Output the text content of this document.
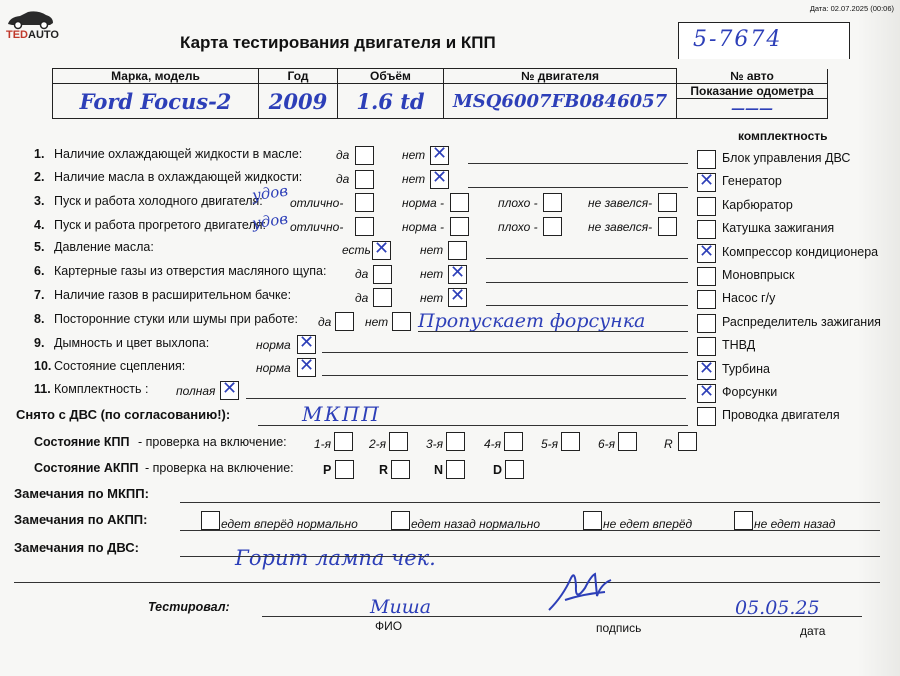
TEDAUTO
Дата: 02.07.2025 (00:06)
Карта тестирования двигателя и КПП	5-7674
Марка, модель	Год	Объём	№ двигателя	№ авто
Ford Focus-2	2009	1.6 td	MSQ6007FB0846057	Показание одометра
				———
комплектность
Блок управления ДВС
✕ Генератор
Карбюратор
Катушка зажигания
✕ Компрессор кондиционера
Моновпрыск
Насос г/у
Распределитель зажигания
ТНВД
✕ Турбина
✕ Форсунки
Проводка двигателя
1. Наличие охлаждающей жидкости в масле:	да	нет ✕
2. Наличие масла в охлаждающей жидкости:	да	нет ✕
3. Пуск и работа холодного двигателя:
удов отлично-	норма -	плохо -	не завелся-
4. Пуск и работа прогретого двигателя:
удов отлично-	норма -	плохо -	не завелся-
5. Давление масла:	есть ✕	нет
6. Картерные газы из отверстия масляного щупа: да	нет ✕
7. Наличие газов в расширительном бачке:	да	нет ✕
8. Посторонние стуки или шумы при работе: да	нет Пропускает форсунка
9. Дымность и цвет выхлопа:	норма ✕
10. Состояние сцепления:	норма ✕
11. Комплектность : полная ✕
Снято с ДВС (по согласованию!):	МКПП
Состояние КПП - проверка на включение: 1-я	2-я	3-я	4-я	5-я	6-я	R
Состояние АКПП - проверка на включение: P	R	N	D
Замечания по МКПП:
Замечания по АКПП:	едет вперёд нормально	едет назад нормально	не едет вперёд	не едет назад
Замечания по ДВС:	Горит лампа чек.
Тестировал:	Миша
ФИО	подпись
05.05.25
дата
